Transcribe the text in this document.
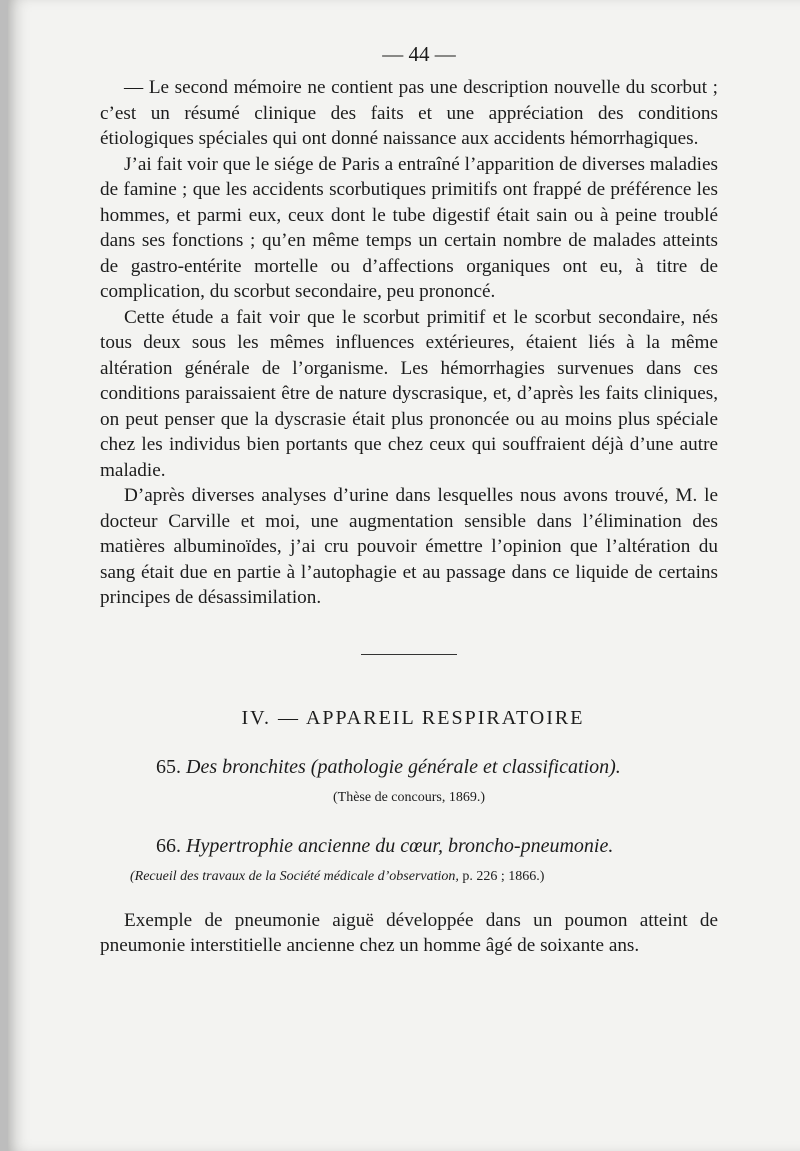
— 44 —

— Le second mémoire ne contient pas une description nouvelle du scorbut ; c’est un résumé clinique des faits et une appréciation des conditions étiologiques spéciales qui ont donné naissance aux accidents hémorrhagiques.

J’ai fait voir que le siége de Paris a entraîné l’apparition de diverses maladies de famine ; que les accidents scorbutiques primitifs ont frappé de préférence les hommes, et parmi eux, ceux dont le tube digestif était sain ou à peine troublé dans ses fonctions ; qu’en même temps un certain nombre de malades atteints de gastro-entérite mortelle ou d’affections organiques ont eu, à titre de complication, du scorbut secondaire, peu prononcé.

Cette étude a fait voir que le scorbut primitif et le scorbut secondaire, nés tous deux sous les mêmes influences extérieures, étaient liés à la même altération générale de l’organisme. Les hémorrhagies survenues dans ces conditions paraissaient être de nature dyscrasique, et, d’après les faits cliniques, on peut penser que la dyscrasie était plus prononcée ou au moins plus spéciale chez les individus bien portants que chez ceux qui souffraient déjà d’une autre maladie.

D’après diverses analyses d’urine dans lesquelles nous avons trouvé, M. le docteur Carville et moi, une augmentation sensible dans l’élimination des matières albuminoïdes, j’ai cru pouvoir émettre l’opinion que l’altération du sang était due en partie à l’autophagie et au passage dans ce liquide de certains principes de désassimilation.

IV. — APPAREIL RESPIRATOIRE
65. Des bronchites (pathologie générale et classification).
(Thèse de concours, 1869.)
66. Hypertrophie ancienne du cœur, broncho-pneumonie.
(Recueil des travaux de la Société médicale d’observation, p. 226 ; 1866.)

Exemple de pneumonie aiguë développée dans un poumon atteint de pneumonie interstitielle ancienne chez un homme âgé de soixante ans.
